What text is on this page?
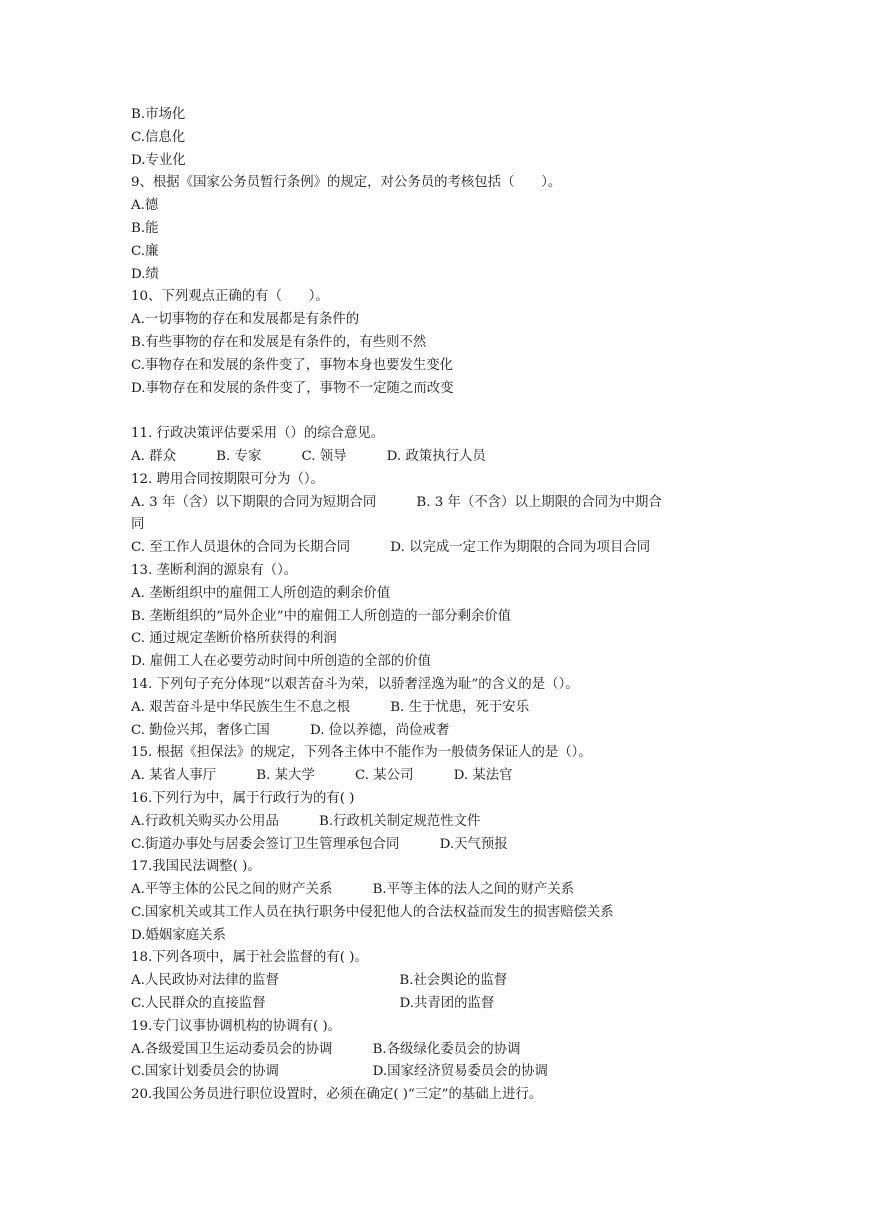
B.市场化
C.信息化
D.专业化
9、根据《国家公务员暂行条例》的规定，对公务员的考核包括（　　）。
A.德
B.能
C.廉
D.绩
10、下列观点正确的有（　　）。
A.一切事物的存在和发展都是有条件的
B.有些事物的存在和发展是有条件的，有些则不然
C.事物存在和发展的条件变了，事物本身也要发生变化
D.事物存在和发展的条件变了，事物不一定随之而改变
11. 行政决策评估要采用（）的综合意见。
A. 群众　　　B. 专家　　　C. 领导　　　D. 政策执行人员
12. 聘用合同按期限可分为（）。
A. 3 年（含）以下期限的合同为短期合同　　　B. 3 年（不含）以上期限的合同为中期合
同
C. 至工作人员退休的合同为长期合同　　　D. 以完成一定工作为期限的合同为项目合同
13. 垄断利润的源泉有（）。
A. 垄断组织中的雇佣工人所创造的剩余价值
B. 垄断组织的“局外企业”中的雇佣工人所创造的一部分剩余价值
C. 通过规定垄断价格所获得的利润
D. 雇佣工人在必要劳动时间中所创造的全部的价值
14. 下列句子充分体现“以艰苦奋斗为荣，以骄奢淫逸为耻”的含义的是（）。
A. 艰苦奋斗是中华民族生生不息之根　　　B. 生于忧患，死于安乐
C. 勤俭兴邦，奢侈亡国　　　D. 俭以养德，尚俭戒奢
15. 根据《担保法》的规定，下列各主体中不能作为一般债务保证人的是（）。
A. 某省人事厅　　　B. 某大学　　　C. 某公司　　　D. 某法官
16.下列行为中，属于行政行为的有( )
A.行政机关购买办公用品　　　B.行政机关制定规范性文件
C.街道办事处与居委会签订卫生管理承包合同　　　D.天气预报
17.我国民法调整( )。
A.平等主体的公民之间的财产关系　　　B.平等主体的法人之间的财产关系
C.国家机关或其工作人员在执行职务中侵犯他人的合法权益而发生的损害赔偿关系
D.婚姻家庭关系
18.下列各项中，属于社会监督的有( )。
A.人民政协对法律的监督　　　　　　　　　B.社会舆论的监督
C.人民群众的直接监督　　　　　　　　　　D.共青团的监督
19.专门议事协调机构的协调有( )。
A.各级爱国卫生运动委员会的协调　　　B.各级绿化委员会的协调
C.国家计划委员会的协调　　　　　　　D.国家经济贸易委员会的协调
20.我国公务员进行职位设置时，必须在确定( )“三定”的基础上进行。
